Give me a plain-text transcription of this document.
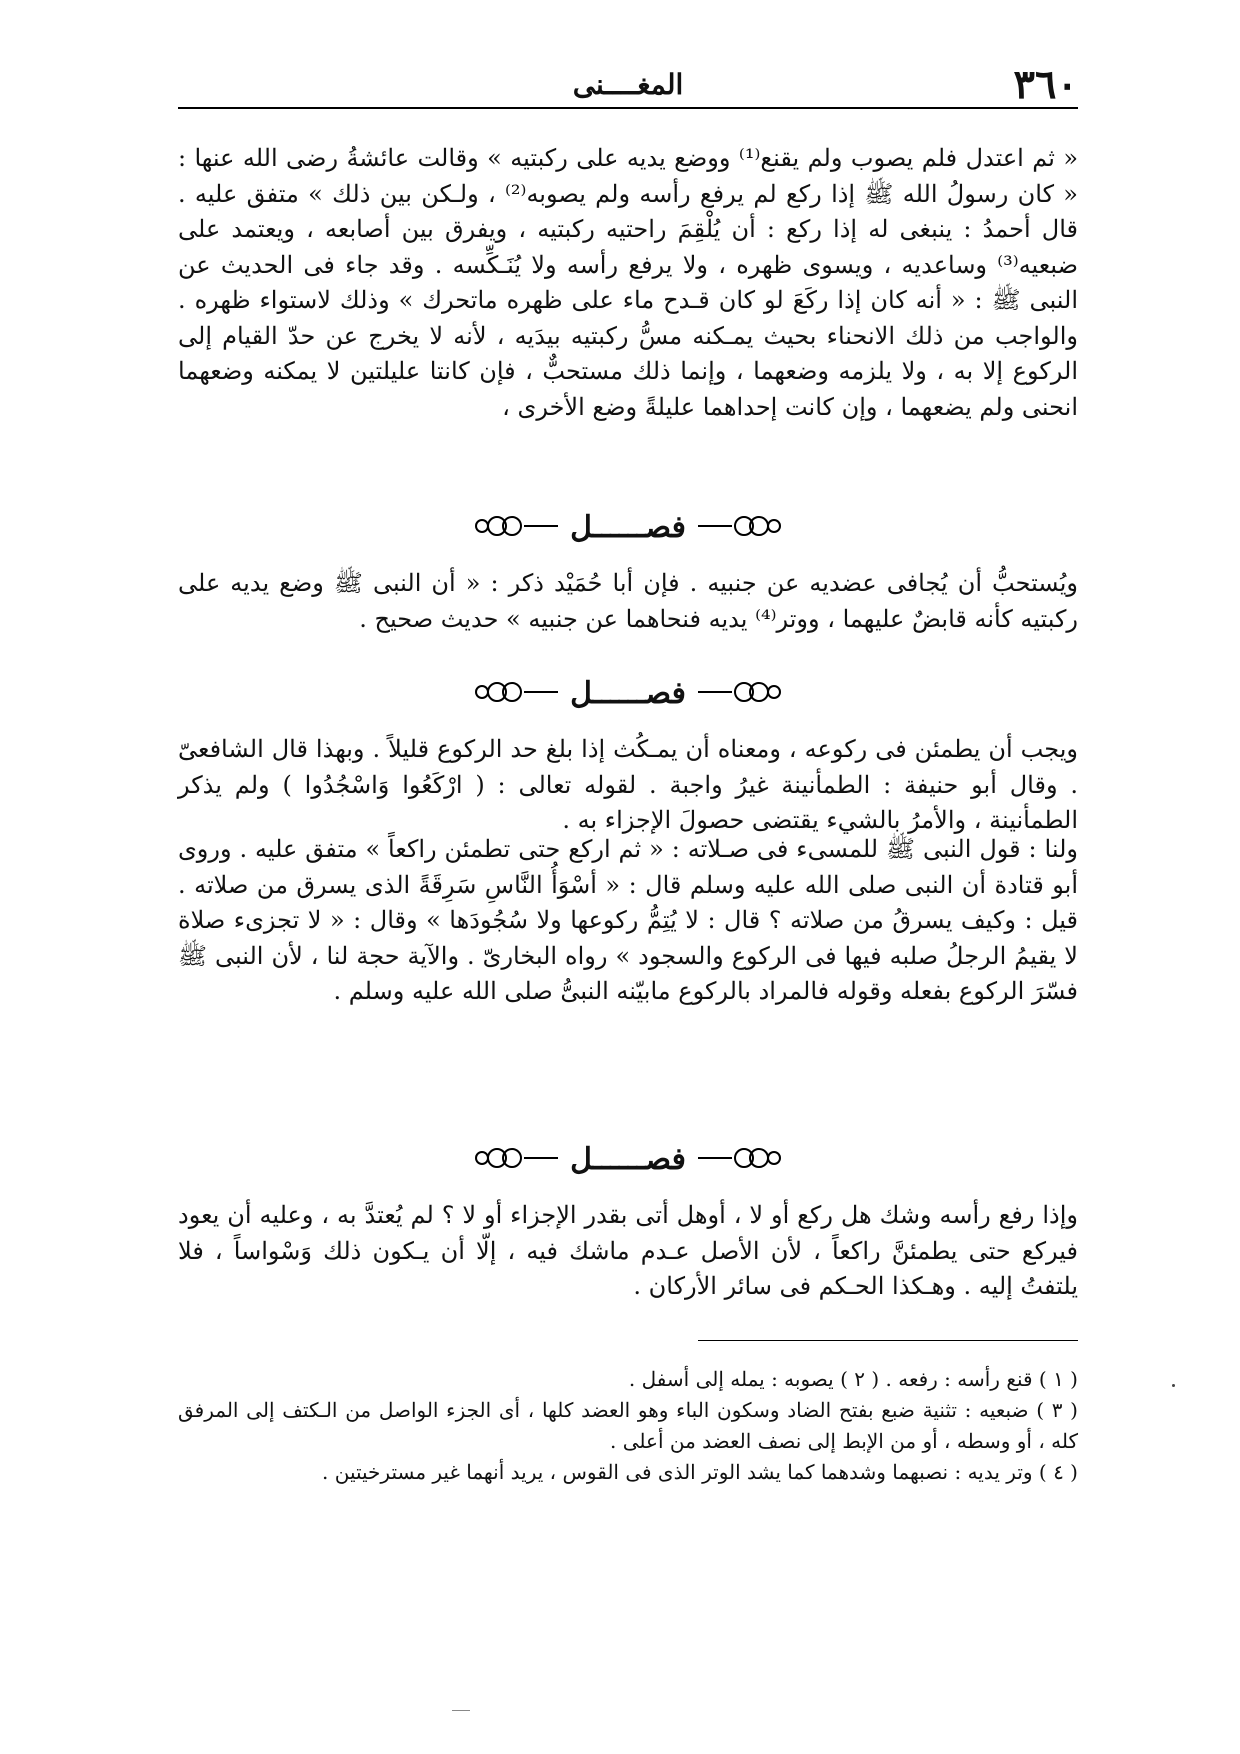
٣٦٠
المغــــنى

« ثم اعتدل فلم يصوب ولم يقنع⁽¹⁾ ووضع يديه على ركبتيه » وقالت عائشةُ رضى الله عنها : « كان رسولُ الله ﷺ إذا ركع لم يرفع رأسه ولم يصوبه⁽²⁾ ، ولـكن بين ذلك » متفق عليه . قال أحمدُ : ينبغى له إذا ركع : أن يُلْقِمَ راحتيه ركبتيه ، ويفرق بين أصابعه ، ويعتمد على ضبعيه⁽³⁾ وساعديه ، ويسوى ظهره ، ولا يرفع رأسه ولا يُنَـكِّسه . وقد جاء فى الحديث عن النبى ﷺ : « أنه كان إذا ركَعَ لو كان قـدح ماء على ظهره ماتحرك » وذلك لاستواء ظهره . والواجب من ذلك الانحناء بحيث يمـكنه مسُّ ركبتيه بيدَيه ، لأنه لا يخرج عن حدّ القيام إلى الركوع إلا به ، ولا يلزمه وضعهما ، وإنما ذلك مستحبٌّ ، فإن كانتا عليلتين لا يمكنه وضعهما انحنى ولم يضعهما ، وإن كانت إحداهما عليلةً وضع الأخرى ،

فصــــــل

ويُستحبُّ أن يُجافى عضديه عن جنبيه . فإن أبا حُمَيْد ذكر : « أن النبى ﷺ وضع يديه على ركبتيه كأنه قابضٌ عليهما ، ووتر⁽⁴⁾ يديه فنحاهما عن جنبيه » حديث صحيح .

فصــــــل

ويجب أن يطمئن فى ركوعه ، ومعناه أن يمـكُث إذا بلغ حد الركوع قليلاً . وبهذا قال الشافعىّ . وقال أبو حنيفة : الطمأنينة غيرُ واجبة . لقوله تعالى : ( ارْكَعُوا وَاسْجُدُوا ) ولم يذكر الطمأنينة ، والأمرُ بالشيء يقتضى حصولَ الإجزاء به .

ولنا : قول النبى ﷺ للمسىء فى صـلاته : « ثم اركع حتى تطمئن راكعاً » متفق عليه . وروى أبو قتادة أن النبى صلى الله عليه وسلم قال : « أسْوَأُ النَّاسِ سَرِقَةً الذى يسرق من صلاته . قيل : وكيف يسرقُ من صلاته ؟ قال : لا يُتِمُّ ركوعها ولا سُجُودَها » وقال : « لا تجزىء صلاة لا يقيمُ الرجلُ صلبه فيها فى الركوع والسجود » رواه البخارىّ . والآية حجة لنا ، لأن النبى ﷺ فسّرَ الركوع بفعله وقوله فالمراد بالركوع مابيّنه النبىُّ صلى الله عليه وسلم .

فصــــــل

وإذا رفع رأسه وشك هل ركع أو لا ، أوهل أتى بقدر الإجزاء أو لا ؟ لم يُعتدَّ به ، وعليه أن يعود فيركع حتى يطمئنَّ راكعاً ، لأن الأصل عـدم ماشك فيه ، إلّا أن يـكون ذلك وَسْواساً ، فلا يلتفتُ إليه . وهـكذا الحـكم فى سائر الأركان .

( ١ ) قنع رأسه : رفعه . ( ٢ ) يصوبه : يمله إلى أسفل .

( ٣ ) ضبعيه : تثنية ضبع بفتح الضاد وسكون الباء وهو العضد كلها ، أى الجزء الواصل من الـكتف إلى المرفق كله ، أو وسطه ، أو من الإبط إلى نصف العضد من أعلى .

( ٤ ) وتر يديه : نصبهما وشدهما كما يشد الوتر الذى فى القوس ، يريد أنهما غير مسترخيتين .
